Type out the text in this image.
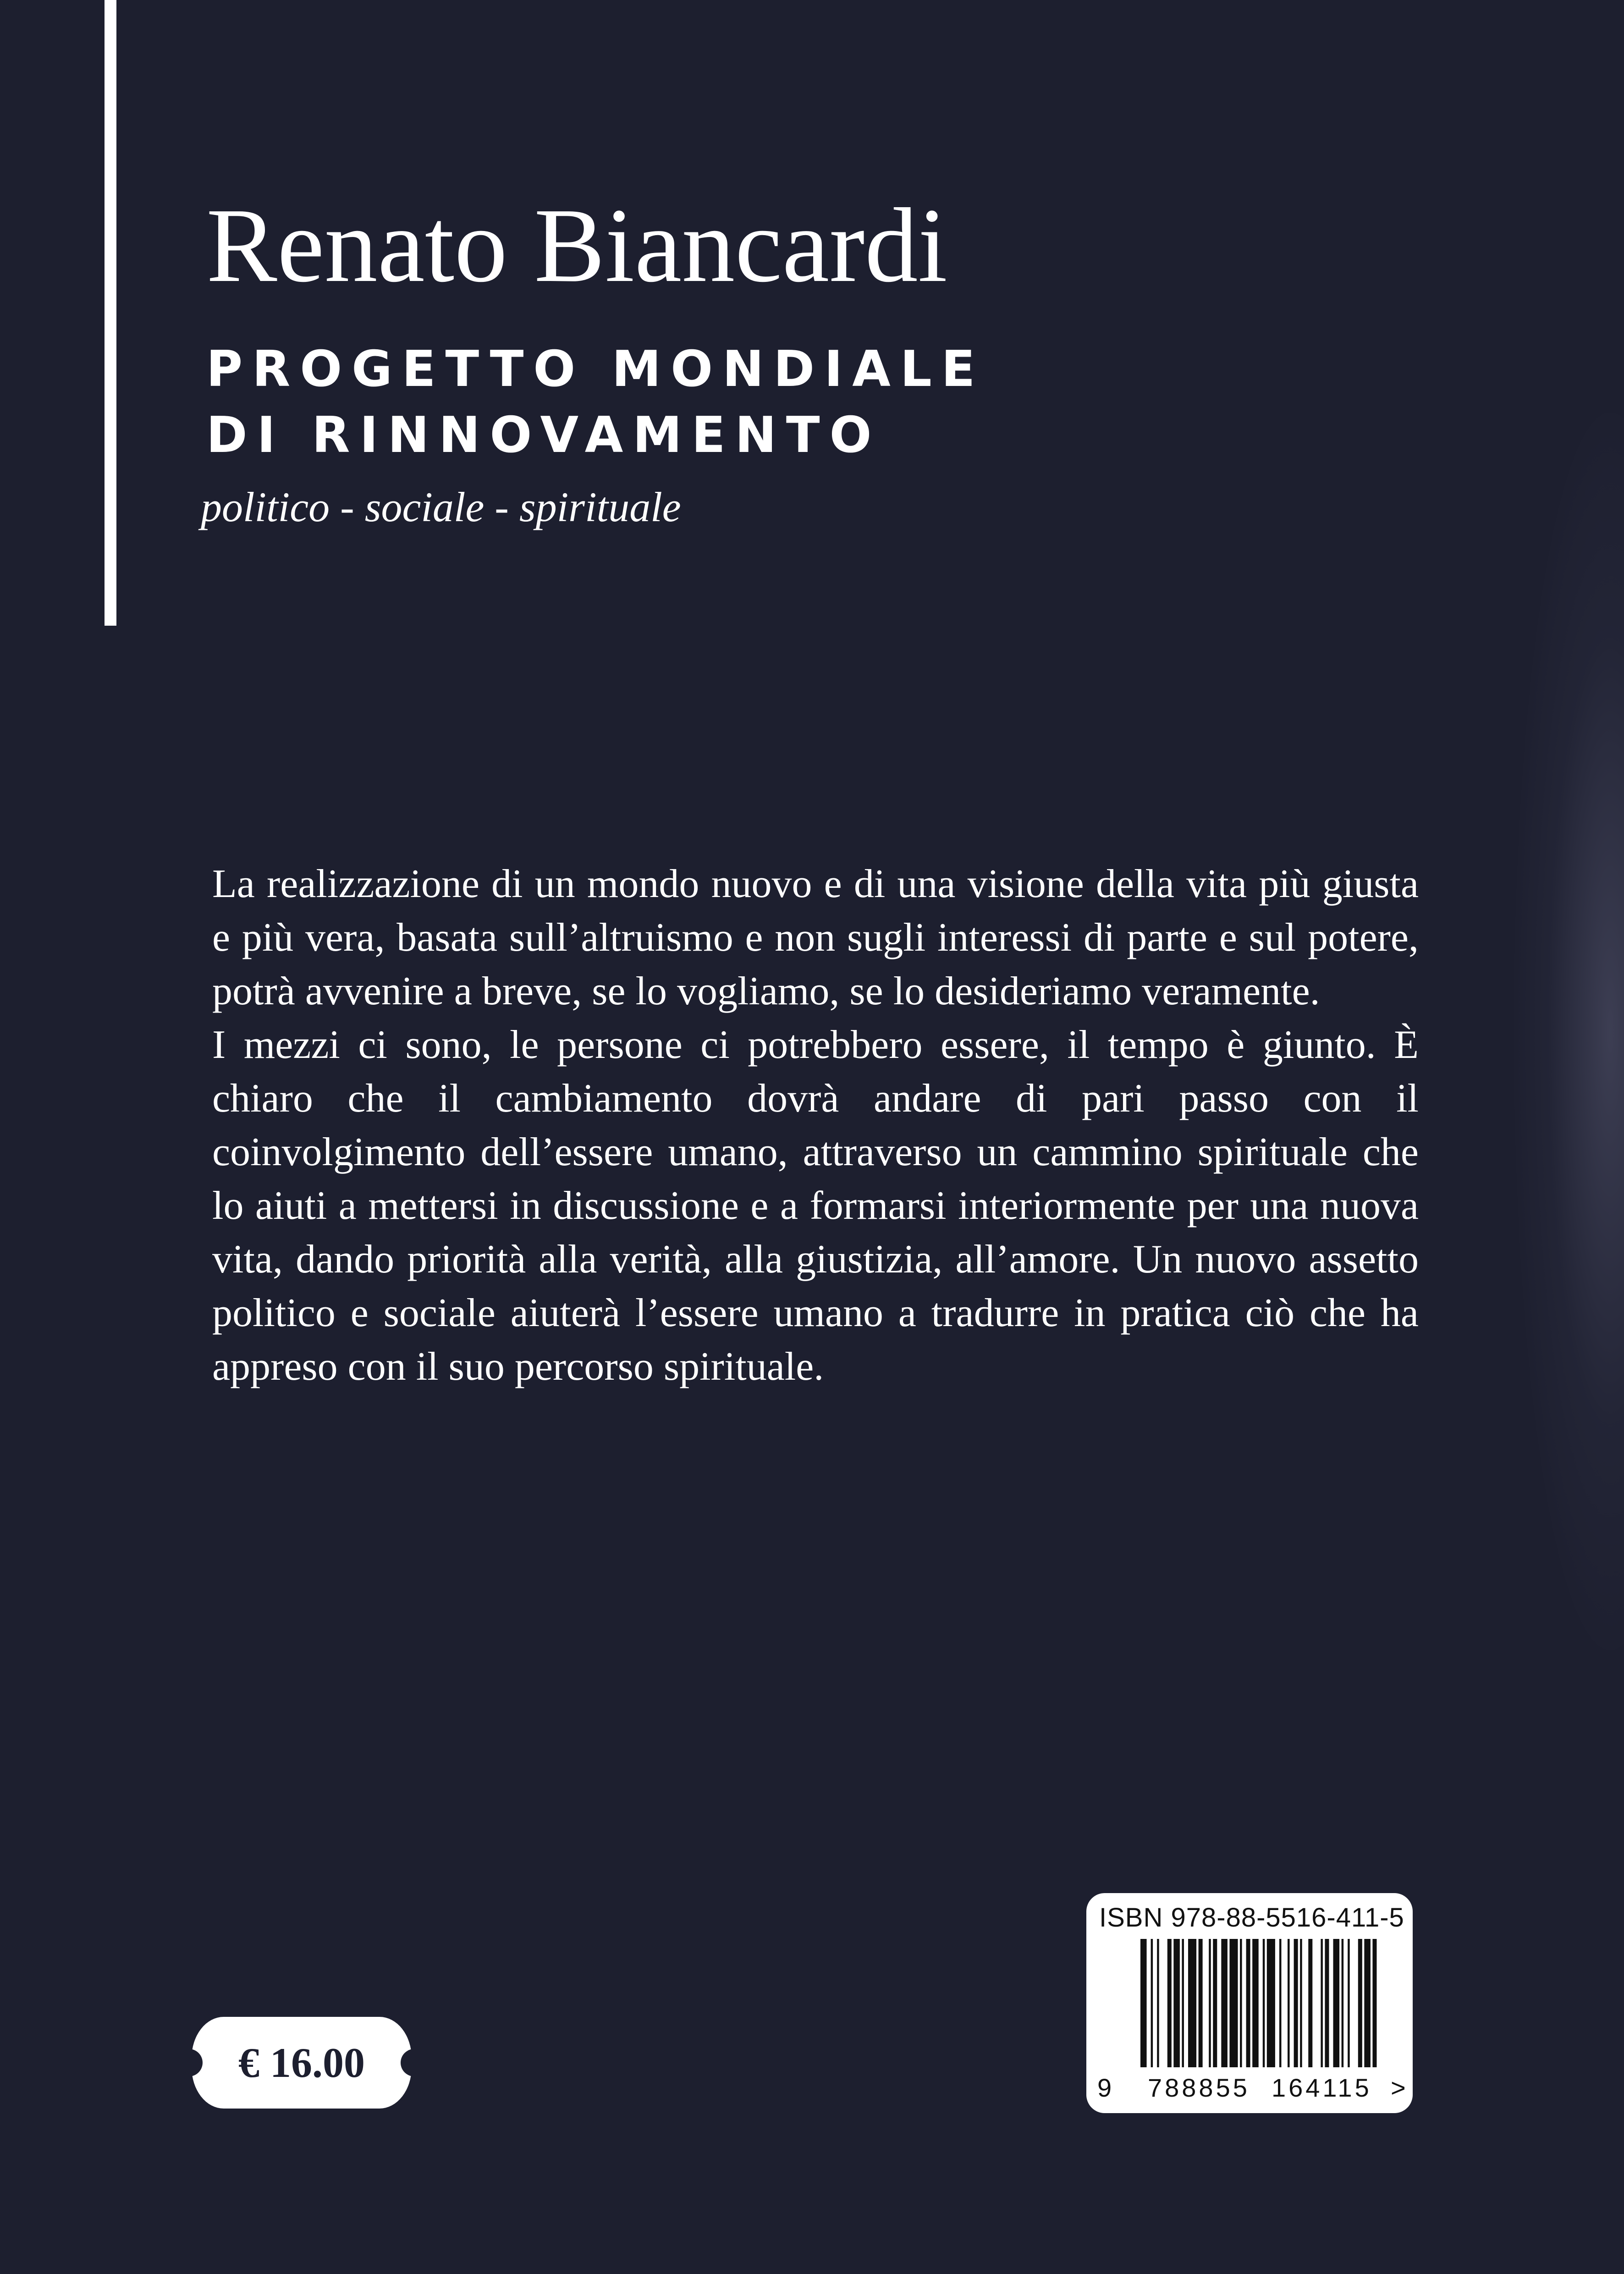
Renato Biancardi
PROGETTO MONDIALE
DI RINNOVAMENTO
politico - sociale - spirituale

La realizzazione di un mondo nuovo e di una visione della vita più giusta e più vera, basata sull’altruismo e non sugli interessi di parte e sul potere, potrà avvenire a breve, se lo vogliamo, se lo desideriamo veramente.

I mezzi ci sono, le persone ci potrebbero essere, il tempo è giunto. È chiaro che il cambiamento dovrà andare di pari passo con il coinvolgimento dell’essere umano, attraverso un cammino spirituale che lo aiuti a mettersi in discussione e a formarsi interiormente per una nuova vita, dando priorità alla verità, alla giustizia, all’amore. Un nuovo assetto politico e sociale aiuterà l’essere umano a tradurre in pratica ciò che ha appreso con il suo percorso spirituale.

€ 16.00
ISBN 978-88-5516-411-5
9 788855 164115 >
